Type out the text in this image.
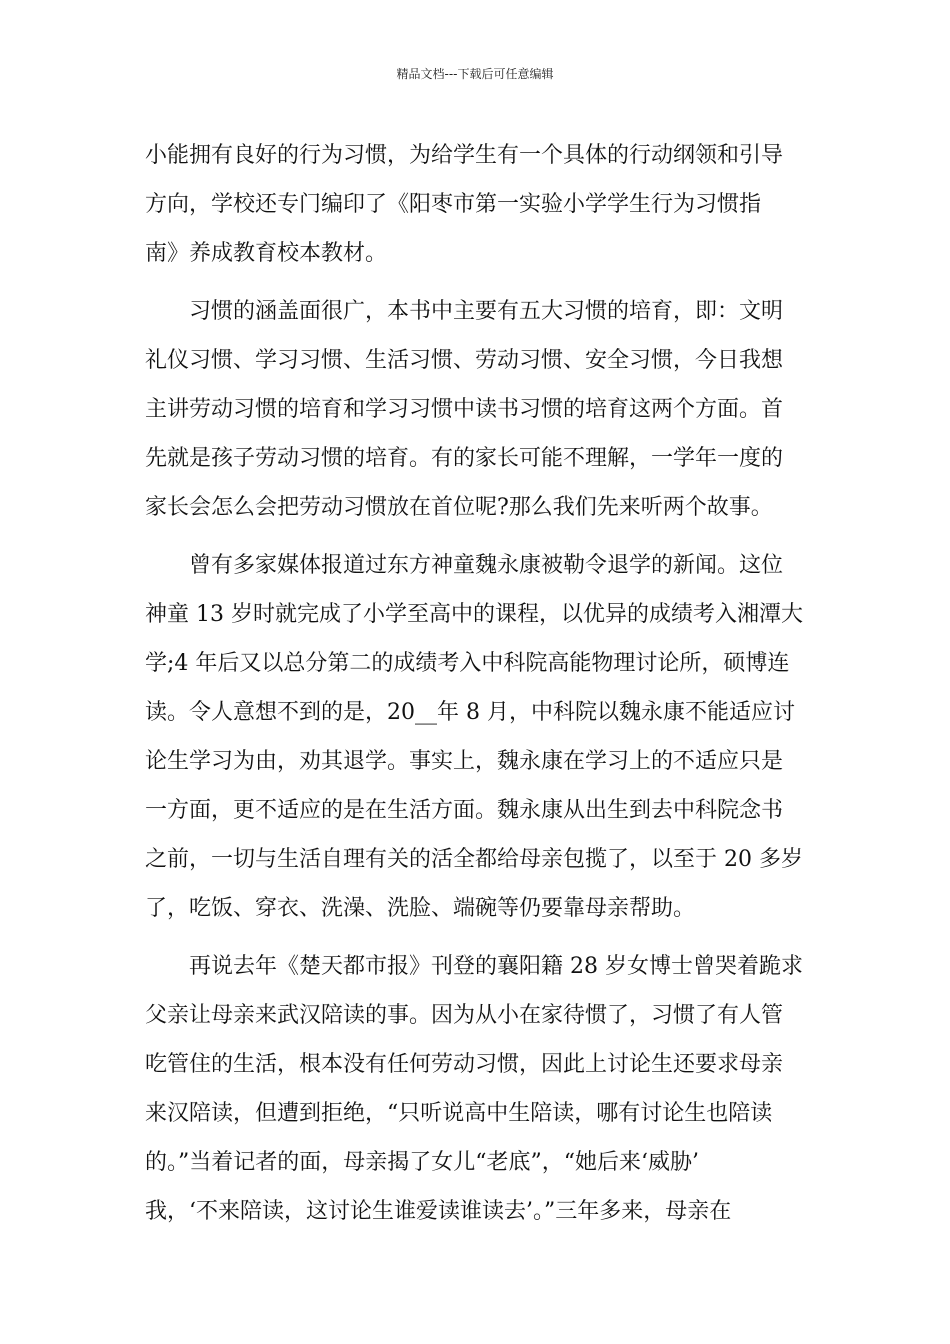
精品文档---下载后可任意编辑
小能拥有良好的行为习惯，为给学生有一个具体的行动纲领和引导
方向，学校还专门编印了《阳枣市第一实验小学学生行为习惯指
南》养成教育校本教材。
习惯的涵盖面很广，本书中主要有五大习惯的培育，即：文明
礼仪习惯、学习习惯、生活习惯、劳动习惯、安全习惯，今日我想
主讲劳动习惯的培育和学习习惯中读书习惯的培育这两个方面。首
先就是孩子劳动习惯的培育。有的家长可能不理解，一学年一度的
家长会怎么会把劳动习惯放在首位呢?那么我们先来听两个故事。
曾有多家媒体报道过东方神童魏永康被勒令退学的新闻。这位
神童 13 岁时就完成了小学至高中的课程，以优异的成绩考入湘潭大
学;4 年后又以总分第二的成绩考入中科院高能物理讨论所，硕博连
读。令人意想不到的是，20__年 8 月，中科院以魏永康不能适应讨
论生学习为由，劝其退学。事实上，魏永康在学习上的不适应只是
一方面，更不适应的是在生活方面。魏永康从出生到去中科院念书
之前，一切与生活自理有关的活全都给母亲包揽了，以至于 20 多岁
了，吃饭、穿衣、洗澡、洗脸、端碗等仍要靠母亲帮助。
再说去年《楚天都市报》刊登的襄阳籍 28 岁女博士曾哭着跪求
父亲让母亲来武汉陪读的事。因为从小在家待惯了，习惯了有人管
吃管住的生活，根本没有任何劳动习惯，因此上讨论生还要求母亲
来汉陪读，但遭到拒绝，“只听说高中生陪读，哪有讨论生也陪读
的。”当着记者的面，母亲揭了女儿“老底”，“她后来‘威胁’
我，‘不来陪读，这讨论生谁爱读谁读去’。”三年多来，母亲在
